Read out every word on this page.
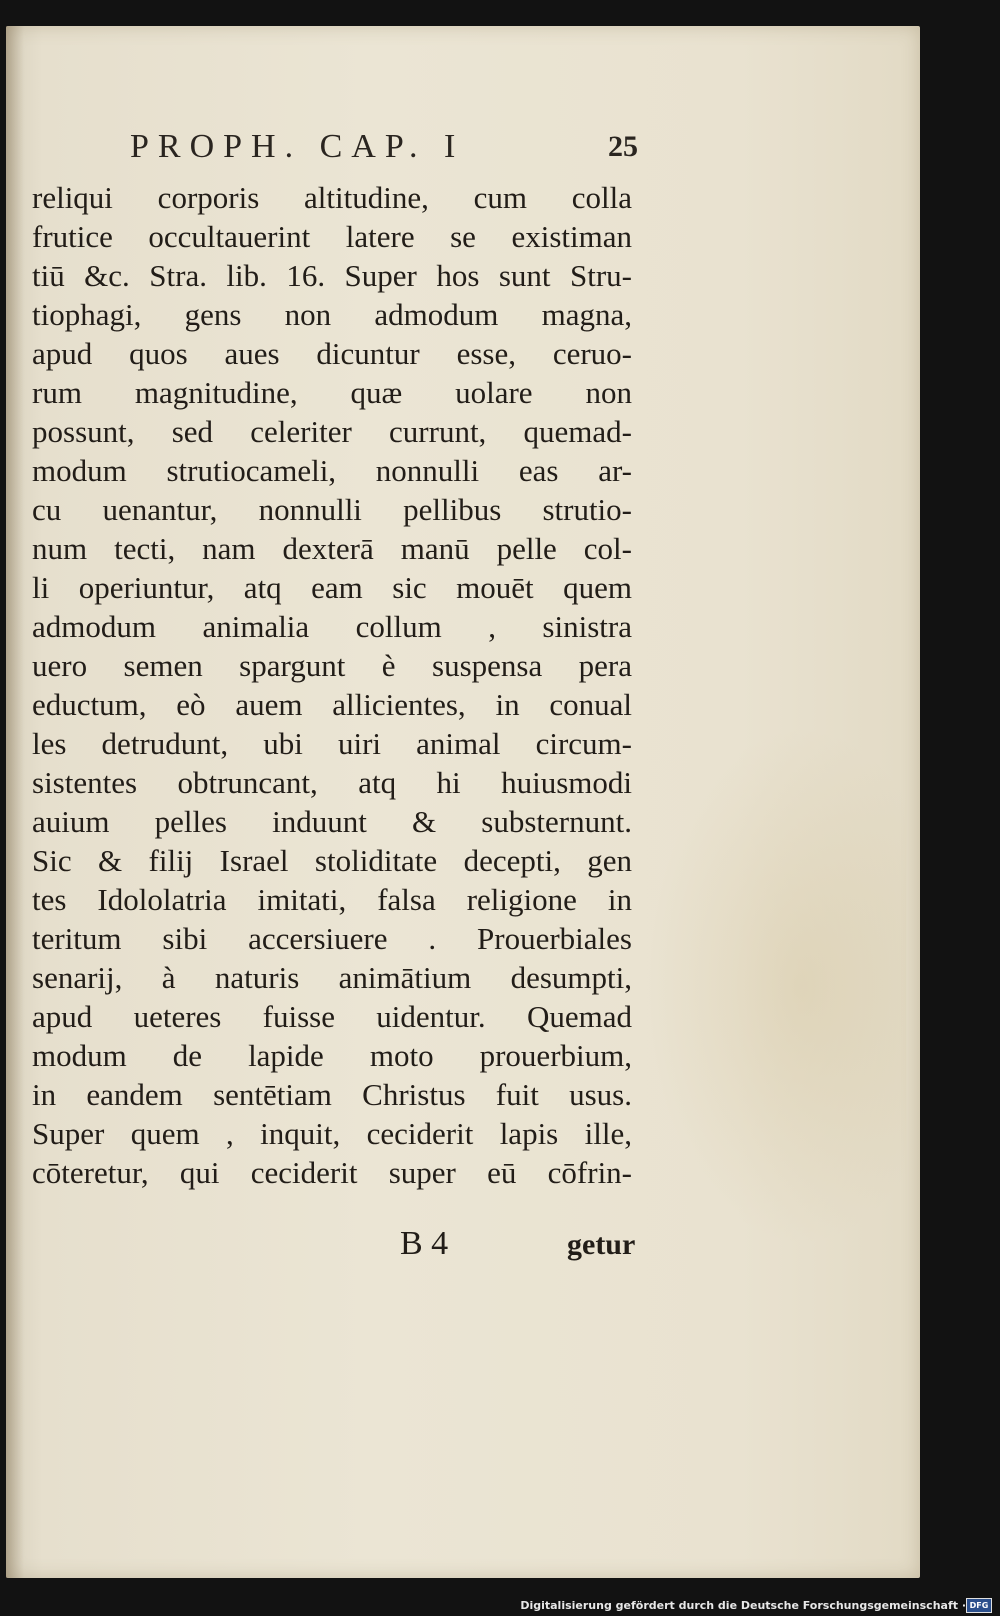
PROPH. CAP. I	25
reliqui corporis altitudine, cum colla
frutice occultauerint latere se existiman
tiū &c. Stra. lib. 16. Super hos sunt Stru-
tiophagi, gens non admodum magna,
apud quos aues dicuntur esse, ceruo-
rum magnitudine, quæ uolare non
possunt, sed celeriter currunt, quemad-
modum strutiocameli, nonnulli eas ar-
cu uenantur, nonnulli pellibus strutio-
num tecti, nam dexterā manū pelle col-
li operiuntur, atq eam sic mouēt quem
admodum animalia collum , sinistra
uero semen spargunt è suspensa pera
eductum, eò auem allicientes, in conual
les detrudunt, ubi uiri animal circum-
sistentes obtruncant, atq hi huiusmodi
auium pelles induunt & substernunt.
Sic & filij Israel stoliditate decepti, gen
tes Idololatria imitati, falsa religione in
teritum sibi accersiuere . Prouerbiales
senarij, à naturis animātium desumpti,
apud ueteres fuisse uidentur. Quemad
modum de lapide moto prouerbium,
in eandem sentētiam Christus fuit usus.
Super quem , inquit, ceciderit lapis ille,
cōteretur, qui ceciderit super eū cōfrin-
B 4	getur
Digitalisierung gefördert durch die Deutsche Forschungsgemeinschaft · DFG
